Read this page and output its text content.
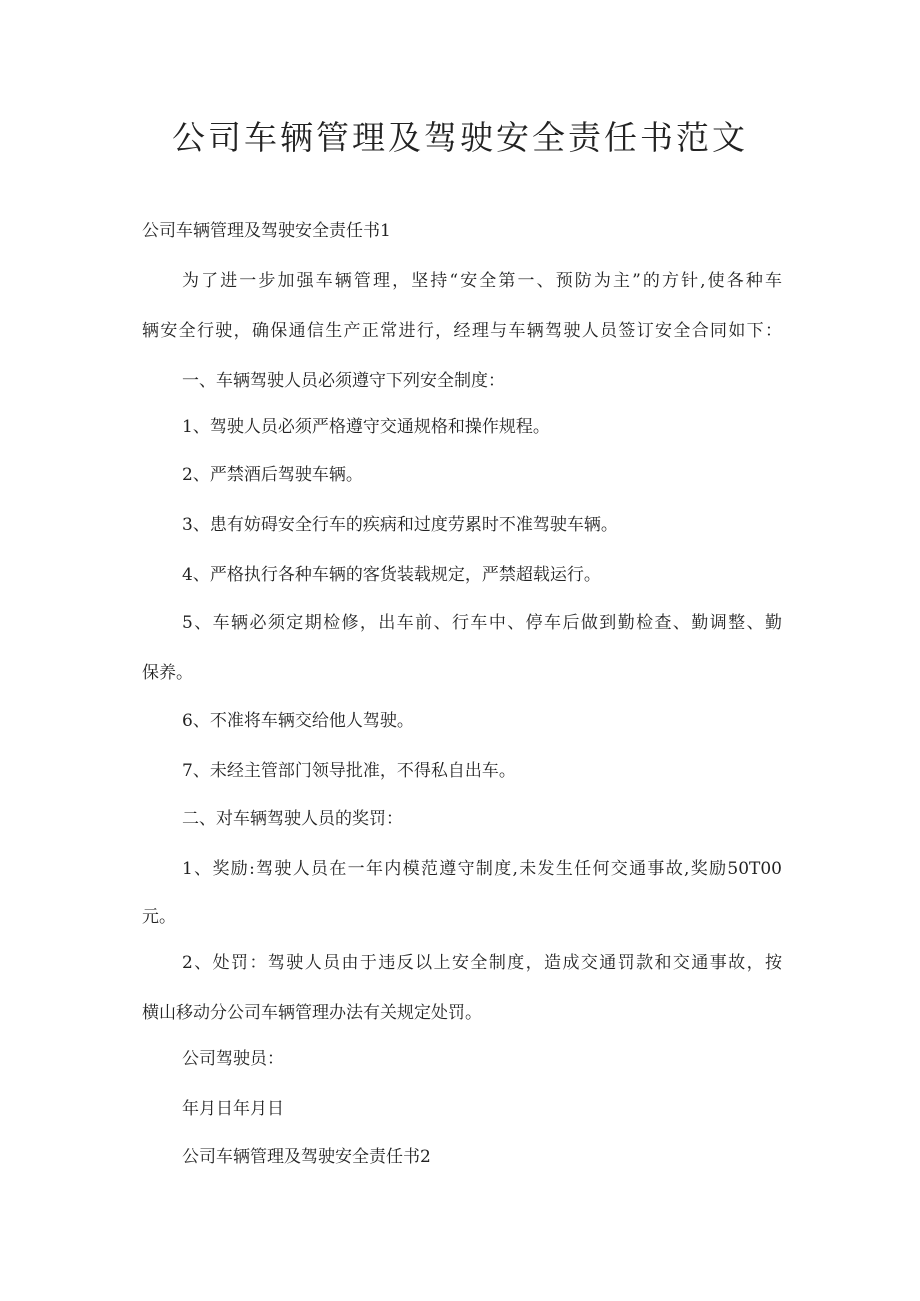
公司车辆管理及驾驶安全责任书范文

公司车辆管理及驾驶安全责任书1

为了进一步加强车辆管理，坚持“安全第一、预防为主”的方针,使各种车

辆安全行驶，确保通信生产正常进行，经理与车辆驾驶人员签订安全合同如下：

一、车辆驾驶人员必须遵守下列安全制度：

1、驾驶人员必须严格遵守交通规格和操作规程。

2、严禁酒后驾驶车辆。

3、患有妨碍安全行车的疾病和过度劳累时不准驾驶车辆。

4、严格执行各种车辆的客货装载规定，严禁超载运行。

5、车辆必须定期检修，出车前、行车中、停车后做到勤检查、勤调整、勤

保养。

6、不准将车辆交给他人驾驶。

7、未经主管部门领导批准，不得私自出车。

二、对车辆驾驶人员的奖罚：

1、奖励:驾驶人员在一年内模范遵守制度,未发生任何交通事故,奖励50T00

元。

2、处罚：驾驶人员由于违反以上安全制度，造成交通罚款和交通事故，按

横山移动分公司车辆管理办法有关规定处罚。

公司驾驶员：

年月日年月日

公司车辆管理及驾驶安全责任书2
